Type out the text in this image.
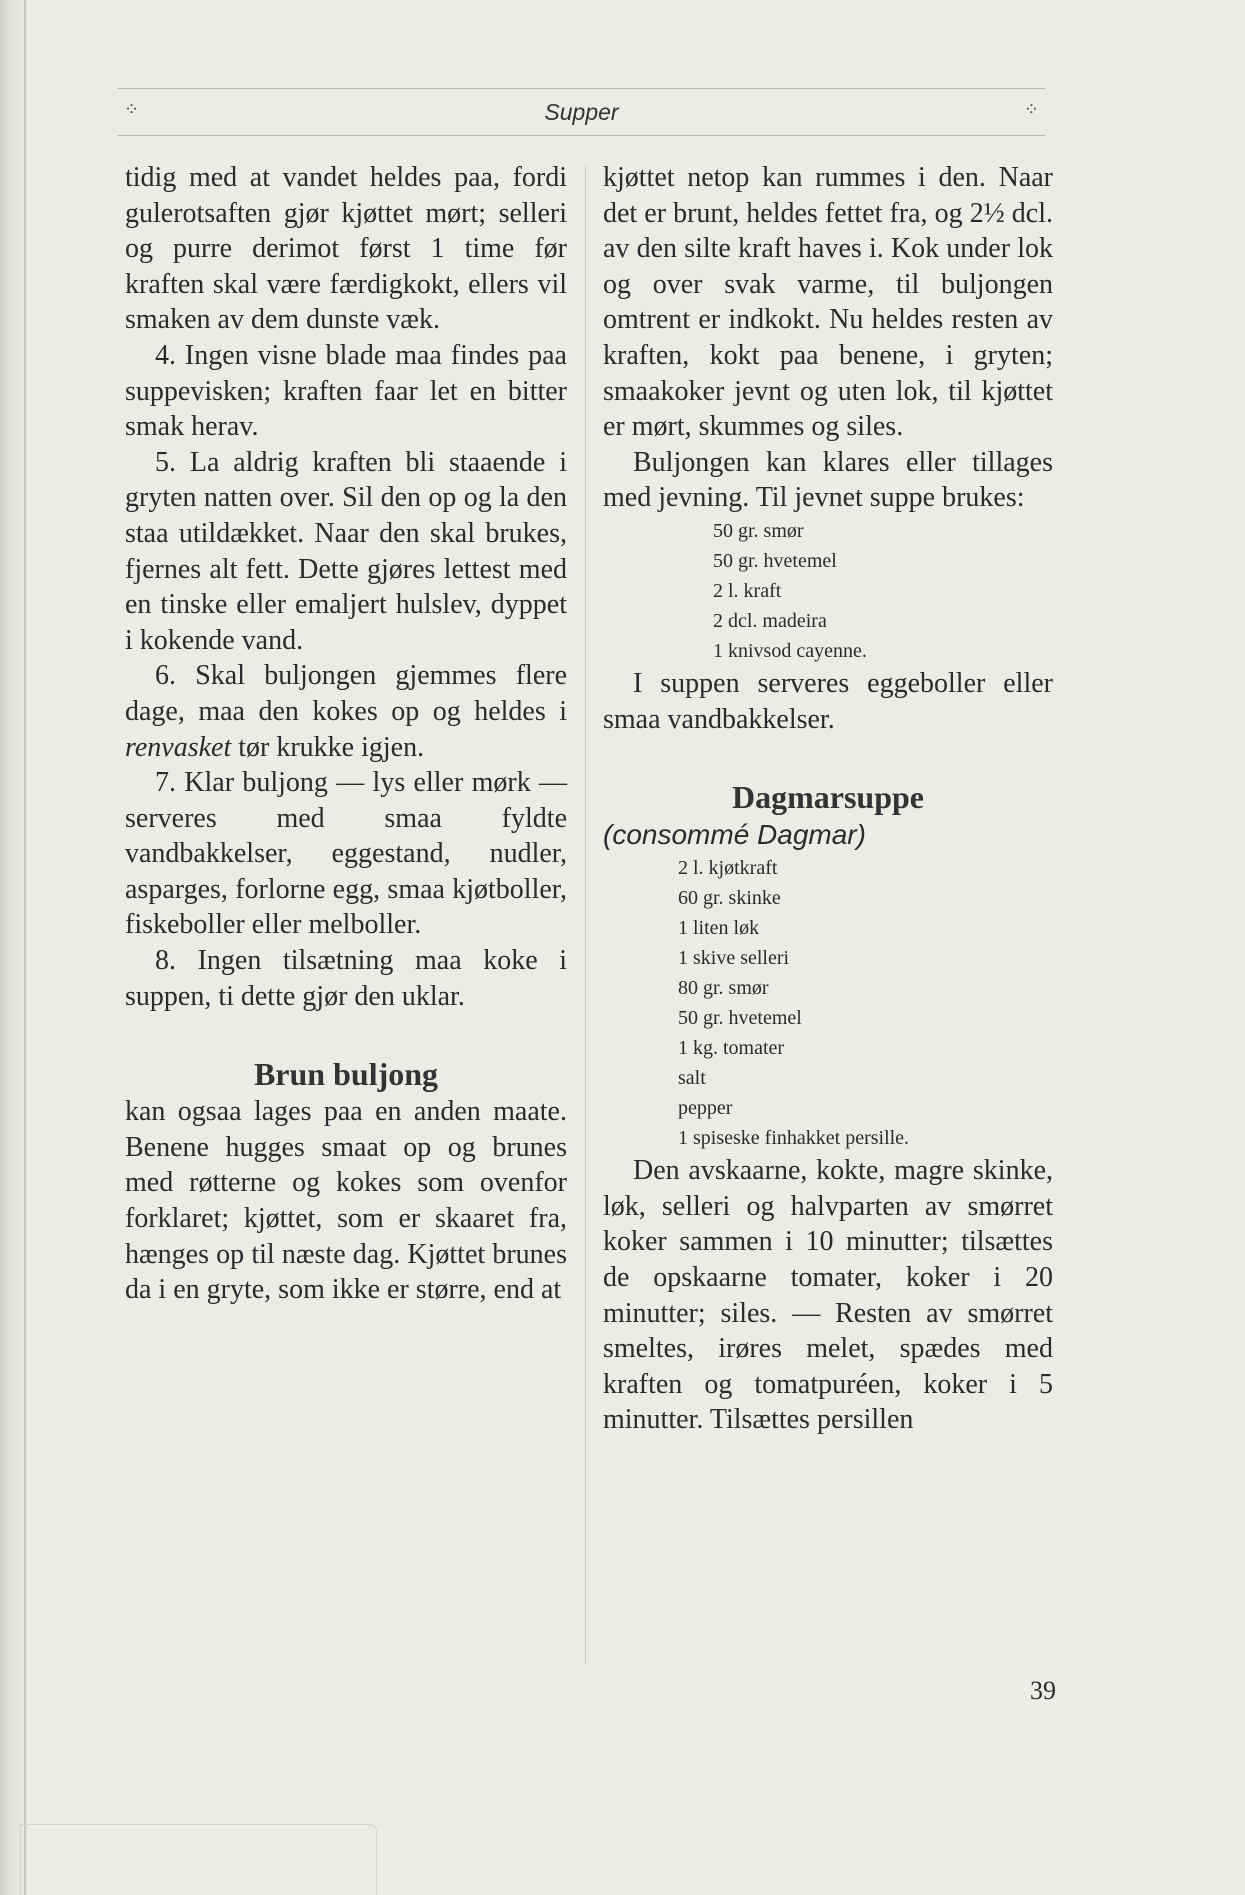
⁘	Supper	⁘

tidig med at vandet heldes paa, fordi gulerotsaften gjør kjøttet mørt; selleri og purre derimot først 1 time før kraften skal være færdigkokt, ellers vil smaken av dem dunste væk.

4. Ingen visne blade maa findes paa suppevisken; kraften faar let en bitter smak herav.

5. La aldrig kraften bli staaende i gryten natten over. Sil den op og la den staa utildækket. Naar den skal brukes, fjernes alt fett. Dette gjøres lettest med en tinske eller emaljert hulslev, dyppet i kokende vand.

6. Skal buljongen gjemmes flere dage, maa den kokes op og heldes i renvasket tør krukke igjen.

7. Klar buljong — lys eller mørk — serveres med smaa fyldte vandbakkelser, eggestand, nudler, asparges, forlorne egg, smaa kjøtboller, fiskeboller eller melboller.

8. Ingen tilsætning maa koke i suppen, ti dette gjør den uklar.

Brun buljong

kan ogsaa lages paa en anden maate. Benene hugges smaat op og brunes med røtterne og kokes som ovenfor forklaret; kjøttet, som er skaaret fra, hænges op til næste dag. Kjøttet brunes da i en gryte, som ikke er større, end at

kjøttet netop kan rummes i den. Naar det er brunt, heldes fettet fra, og 2½ dcl. av den silte kraft haves i. Kok under lok og over svak varme, til buljongen omtrent er indkokt. Nu heldes resten av kraften, kokt paa benene, i gryten; smaakoker jevnt og uten lok, til kjøttet er mørt, skummes og siles.

Buljongen kan klares eller tillages med jevning. Til jevnet suppe brukes:

50 gr. smør
50 gr. hvetemel
2 l. kraft
2 dcl. madeira
1 knivsod cayenne.

I suppen serveres eggeboller eller smaa vandbakkelser.

Dagmarsuppe

(consommé Dagmar)

2 l. kjøtkraft
60 gr. skinke
1 liten løk
1 skive selleri
80 gr. smør
50 gr. hvetemel
1 kg. tomater
salt
pepper
1 spiseske finhakket persille.

Den avskaarne, kokte, magre skinke, løk, selleri og halvparten av smørret koker sammen i 10 minutter; tilsættes de opskaarne tomater, koker i 20 minutter; siles. — Resten av smørret smeltes, irøres melet, spædes med kraften og tomatpuréen, koker i 5 minutter. Tilsættes persillen

39
